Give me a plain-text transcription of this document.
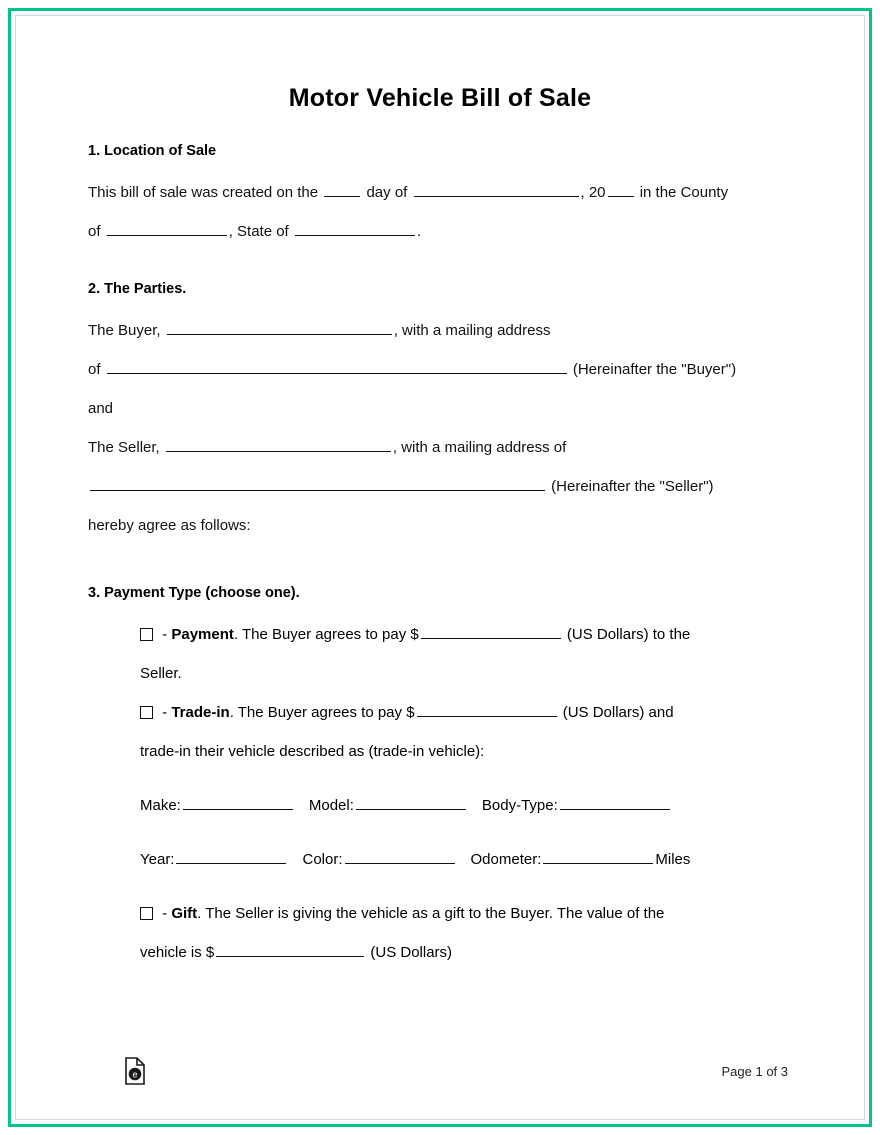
Motor Vehicle Bill of Sale
1. Location of Sale

This bill of sale was created on the	day of	, 20 in the County

of	, State of	.

2. The Parties.

The Buyer,	, with a mailing address

of	(Hereinafter the "Buyer")

and

The Seller,	, with a mailing address of

(Hereinafter the "Seller")

hereby agree as follows:

3. Payment Type (choose one).

- Payment. The Buyer agrees to pay $	(US Dollars) to the

Seller.

- Trade-in. The Buyer agrees to pay $	(US Dollars) and

trade-in their vehicle described as (trade-in vehicle):

Make:	Model:	Body-Type:

Year:	Color:	Odometer:	Miles

- Gift. The Seller is giving the vehicle as a gift to the Buyer. The value of the

vehicle is $	(US Dollars)

e	Page 1 of 3
